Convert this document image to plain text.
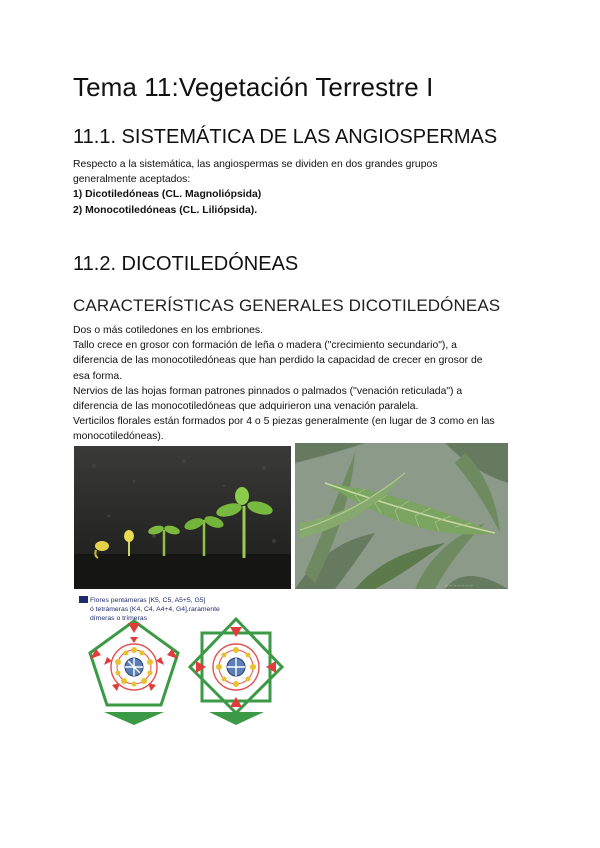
Tema 11:Vegetación Terrestre I
11.1. SISTEMÁTICA DE LAS ANGIOSPERMAS
Respecto a la sistemática, las angiospermas se dividen en dos grandes grupos
generalmente aceptados:
1) Dicotiledóneas (CL. Magnoliópsida)
2) Monocotiledóneas (CL. Liliópsida).
11.2. DICOTILEDÓNEAS
CARACTERÍSTICAS GENERALES DICOTILEDÓNEAS
Dos o más cotiledones en los embriones.
Tallo crece en grosor con formación de leña o madera ("crecimiento secundario"), a
diferencia de las monocotiledóneas que han perdido la capacidad de crecer en grosor de
esa forma.
Nervios de las hojas forman patrones pinnados o palmados ("venación reticulada") a
diferencia de las monocotiledóneas que adquirieron una venación paralela.
Verticilos florales están formados por 4 o 5 piezas generalmente (en lugar de 3 como en las
monocotiledóneas).
_ _ _ _ _ _ _
Flores pentámeras [K5, C5, A5+5, G5]
ó tetrámeras [K4, C4, A4+4, G4],raramente
dímeras o trímeras
